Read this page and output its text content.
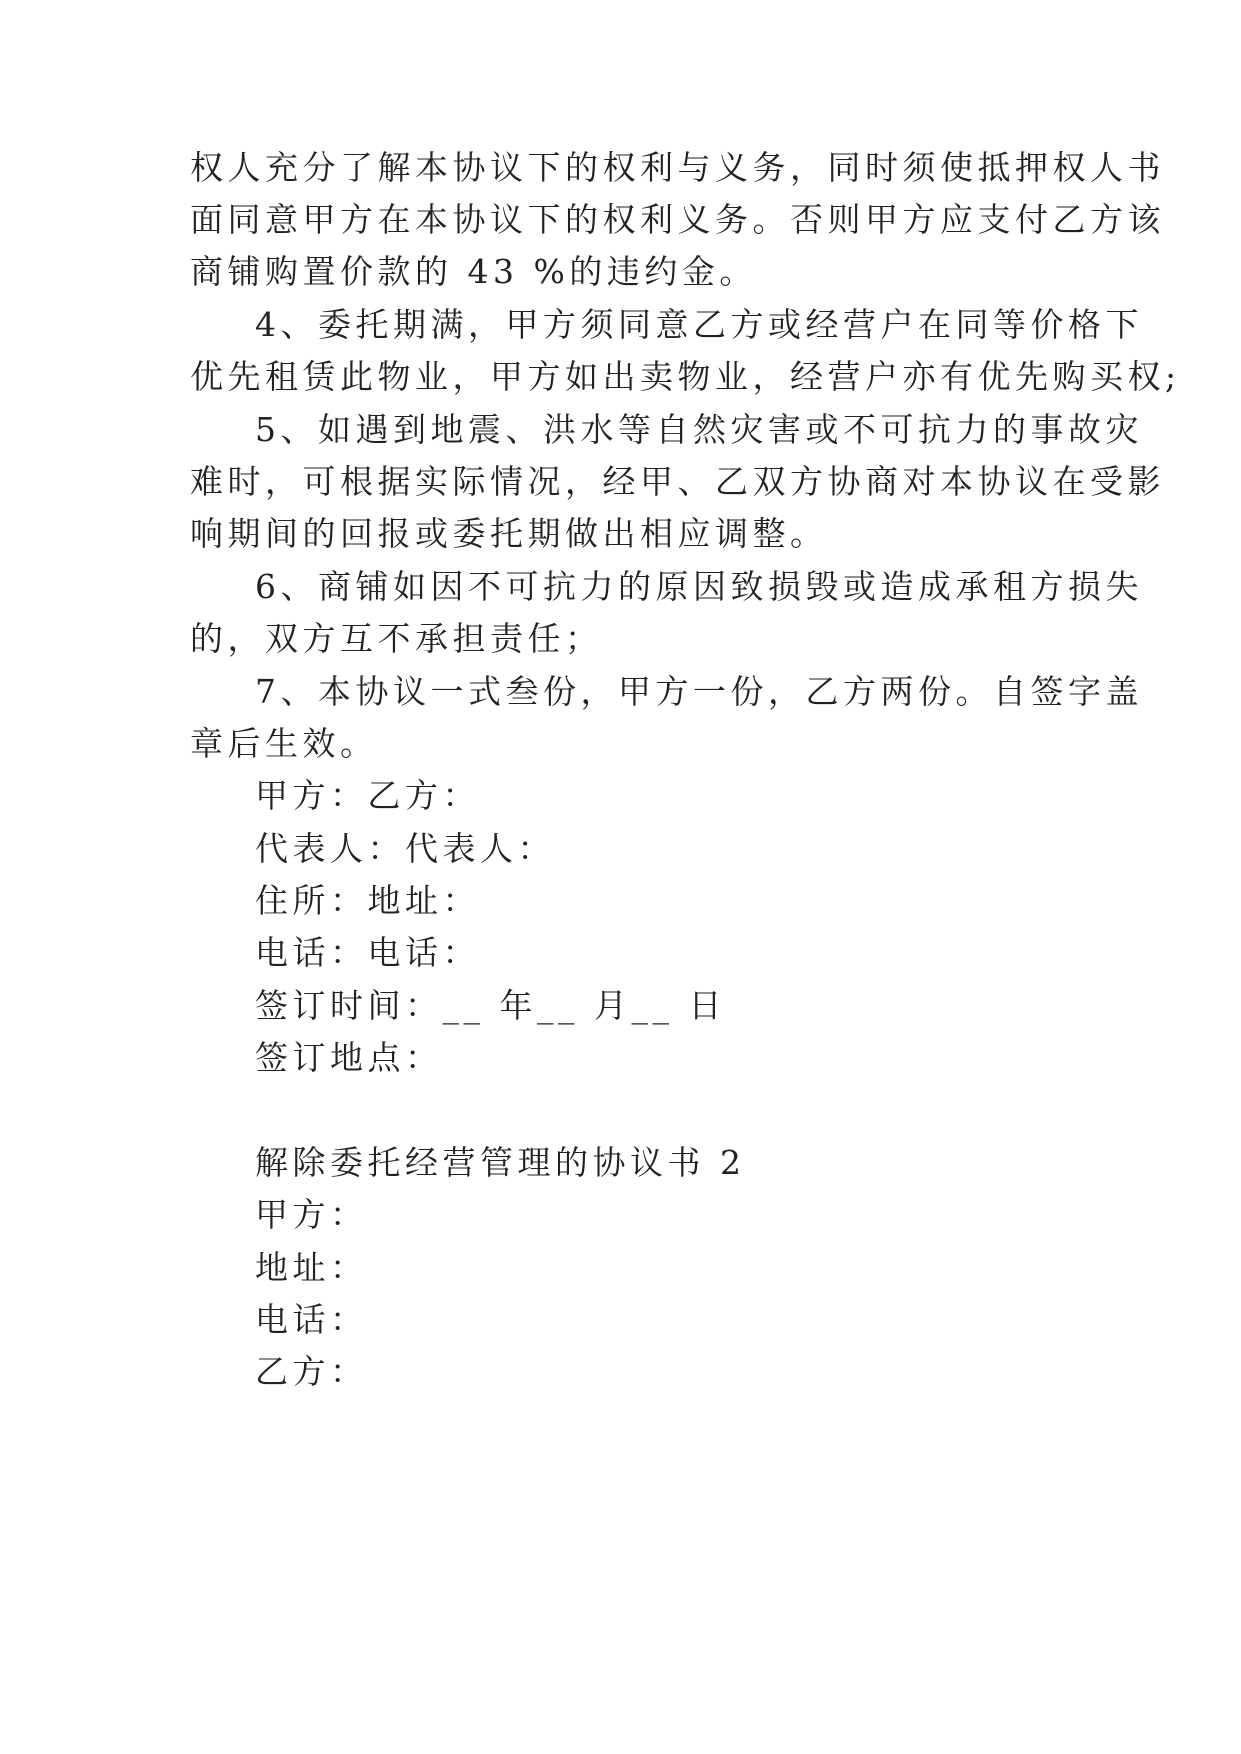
权人充分了解本协议下的权利与义务，同时须使抵押权人书
面同意甲方在本协议下的权利义务。否则甲方应支付乙方该
商铺购置价款的 43 %的违约金。
4、委托期满，甲方须同意乙方或经营户在同等价格下
优先租赁此物业，甲方如出卖物业，经营户亦有优先购买权;
5、如遇到地震、洪水等自然灾害或不可抗力的事故灾
难时，可根据实际情况，经甲、乙双方协商对本协议在受影
响期间的回报或委托期做出相应调整。
6、商铺如因不可抗力的原因致损毁或造成承租方损失
的，双方互不承担责任；
7、本协议一式叁份，甲方一份，乙方两份。自签字盖
章后生效。
甲方：乙方：
代表人：代表人：
住所：地址：
电话：电话：
签订时间：__ 年__ 月__ 日
签订地点：
解除委托经营管理的协议书 2
甲方：
地址：
电话：
乙方：
